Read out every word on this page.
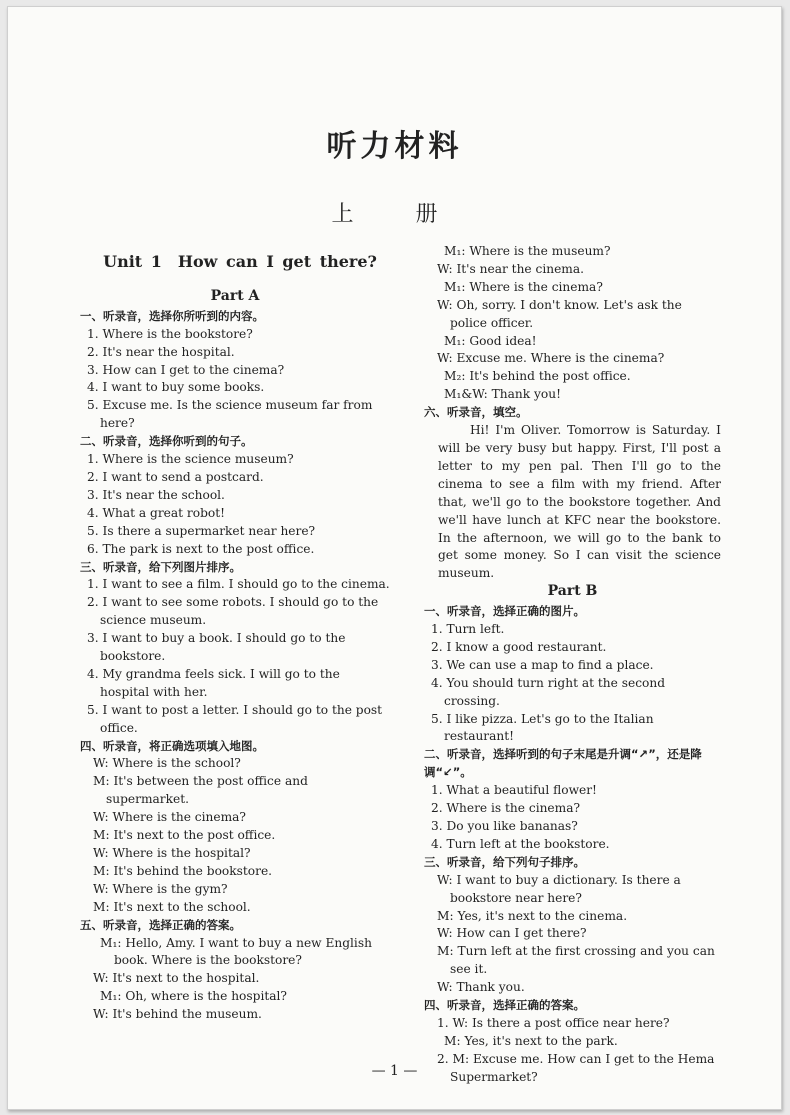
听力材料
上　册
Unit 1　How can I get there?
Part A
一、听录音，选择你所听到的内容。
1. Where is the bookstore?
2. It's near the hospital.
3. How can I get to the cinema?
4. I want to buy some books.
5. Excuse me. Is the science museum far from here?
二、听录音，选择你听到的句子。
1. Where is the science museum?
2. I want to send a postcard.
3. It's near the school.
4. What a great robot!
5. Is there a supermarket near here?
6. The park is next to the post office.
三、听录音，给下列图片排序。
1. I want to see a film. I should go to the cinema.
2. I want to see some robots. I should go to the science museum.
3. I want to buy a book. I should go to the bookstore.
4. My grandma feels sick. I will go to the hospital with her.
5. I want to post a letter. I should go to the post office.
四、听录音，将正确选项填入地图。
W: Where is the school?
M: It's between the post office and supermarket.
W: Where is the cinema?
M: It's next to the post office.
W: Where is the hospital?
M: It's behind the bookstore.
W: Where is the gym?
M: It's next to the school.
五、听录音，选择正确的答案。
M₁: Hello, Amy. I want to buy a new English book. Where is the bookstore?
W: It's next to the hospital.
M₁: Oh, where is the hospital?
W: It's behind the museum.
M₁: Where is the museum?
W: It's near the cinema.
M₁: Where is the cinema?
W: Oh, sorry. I don't know. Let's ask the police officer.
M₁: Good idea!
W: Excuse me. Where is the cinema?
M₂: It's behind the post office.
M₁&W: Thank you!
六、听录音，填空。
Hi! I'm Oliver. Tomorrow is Saturday. I will be very busy but happy. First, I'll post a letter to my pen pal. Then I'll go to the cinema to see a film with my friend. After that, we'll go to the bookstore together. And we'll have lunch at KFC near the bookstore. In the afternoon, we will go to the bank to get some money. So I can visit the science museum.
Part B
一、听录音，选择正确的图片。
1. Turn left.
2. I know a good restaurant.
3. We can use a map to find a place.
4. You should turn right at the second crossing.
5. I like pizza. Let's go to the Italian restaurant!
二、听录音，选择听到的句子末尾是升调“↗”，还是降调“↙”。
1. What a beautiful flower!
2. Where is the cinema?
3. Do you like bananas?
4. Turn left at the bookstore.
三、听录音，给下列句子排序。
W: I want to buy a dictionary. Is there a bookstore near here?
M: Yes, it's next to the cinema.
W: How can I get there?
M: Turn left at the first crossing and you can see it.
W: Thank you.
四、听录音，选择正确的答案。
1. W: Is there a post office near here?
M: Yes, it's next to the park.
2. M: Excuse me. How can I get to the Hema Supermarket?
— 1 —
